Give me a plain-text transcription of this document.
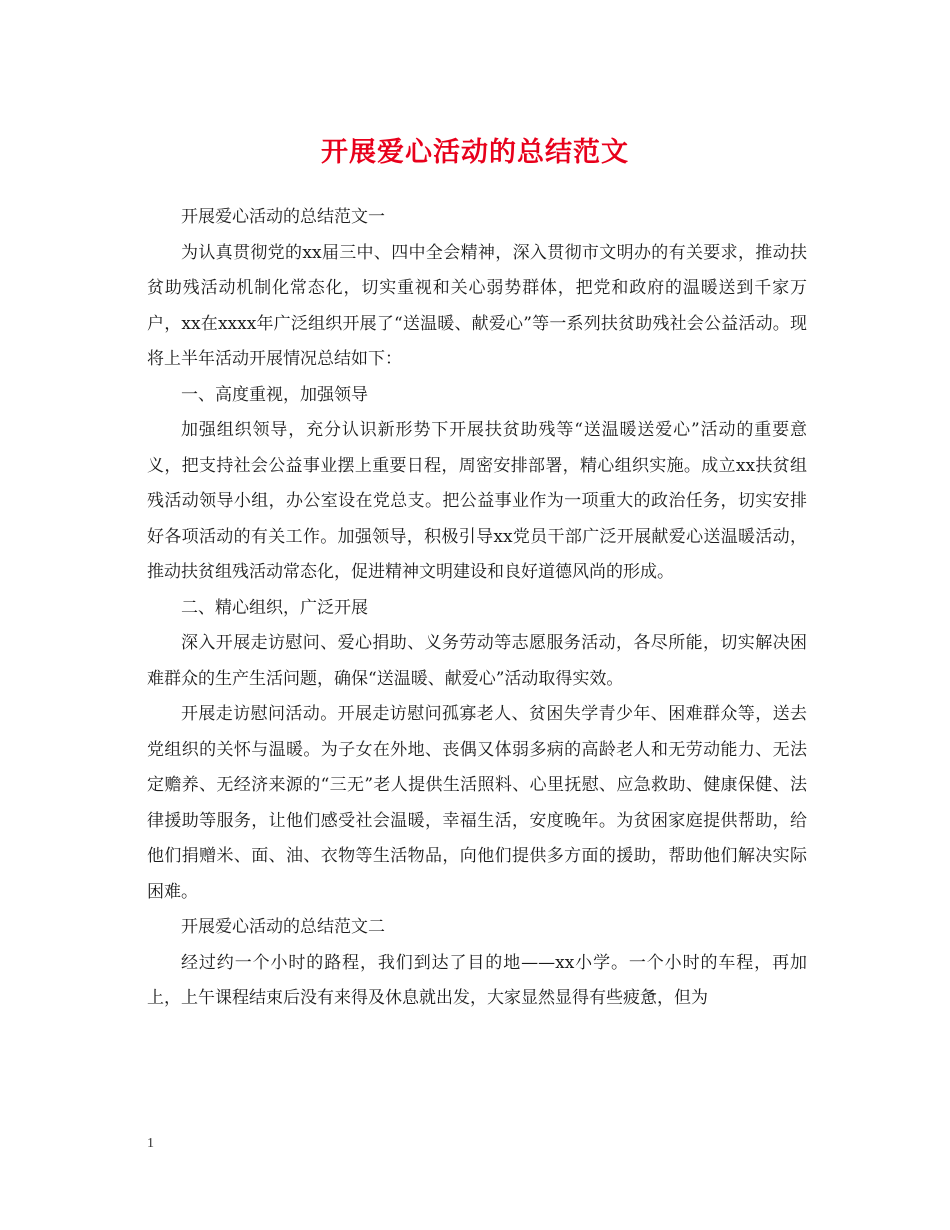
开展爱心活动的总结范文

开展爱心活动的总结范文一

为认真贯彻党的xx届三中、四中全会精神，深入贯彻市文明办的有关要求，推动扶贫助残活动机制化常态化，切实重视和关心弱势群体，把党和政府的温暖送到千家万户，xx在xxxx年广泛组织开展了“送温暖、献爱心”等一系列扶贫助残社会公益活动。现将上半年活动开展情况总结如下：

一、高度重视，加强领导

加强组织领导，充分认识新形势下开展扶贫助残等“送温暖送爱心”活动的重要意义，把支持社会公益事业摆上重要日程，周密安排部署，精心组织实施。成立xx扶贫组残活动领导小组，办公室设在党总支。把公益事业作为一项重大的政治任务，切实安排好各项活动的有关工作。加强领导，积极引导xx党员干部广泛开展献爱心送温暖活动，推动扶贫组残活动常态化，促进精神文明建设和良好道德风尚的形成。

二、精心组织，广泛开展

深入开展走访慰问、爱心捐助、义务劳动等志愿服务活动，各尽所能，切实解决困难群众的生产生活问题，确保“送温暖、献爱心”活动取得实效。

开展走访慰问活动。开展走访慰问孤寡老人、贫困失学青少年、困难群众等，送去党组织的关怀与温暖。为子女在外地、丧偶又体弱多病的高龄老人和无劳动能力、无法定赡养、无经济来源的“三无”老人提供生活照料、心里抚慰、应急救助、健康保健、法律援助等服务，让他们感受社会温暖，幸福生活，安度晚年。为贫困家庭提供帮助，给他们捐赠米、面、油、衣物等生活物品，向他们提供多方面的援助，帮助他们解决实际困难。

开展爱心活动的总结范文二

经过约一个小时的路程，我们到达了目的地——xx小学。一个小时的车程，再加上，上午课程结束后没有来得及休息就出发，大家显然显得有些疲惫，但为

1
